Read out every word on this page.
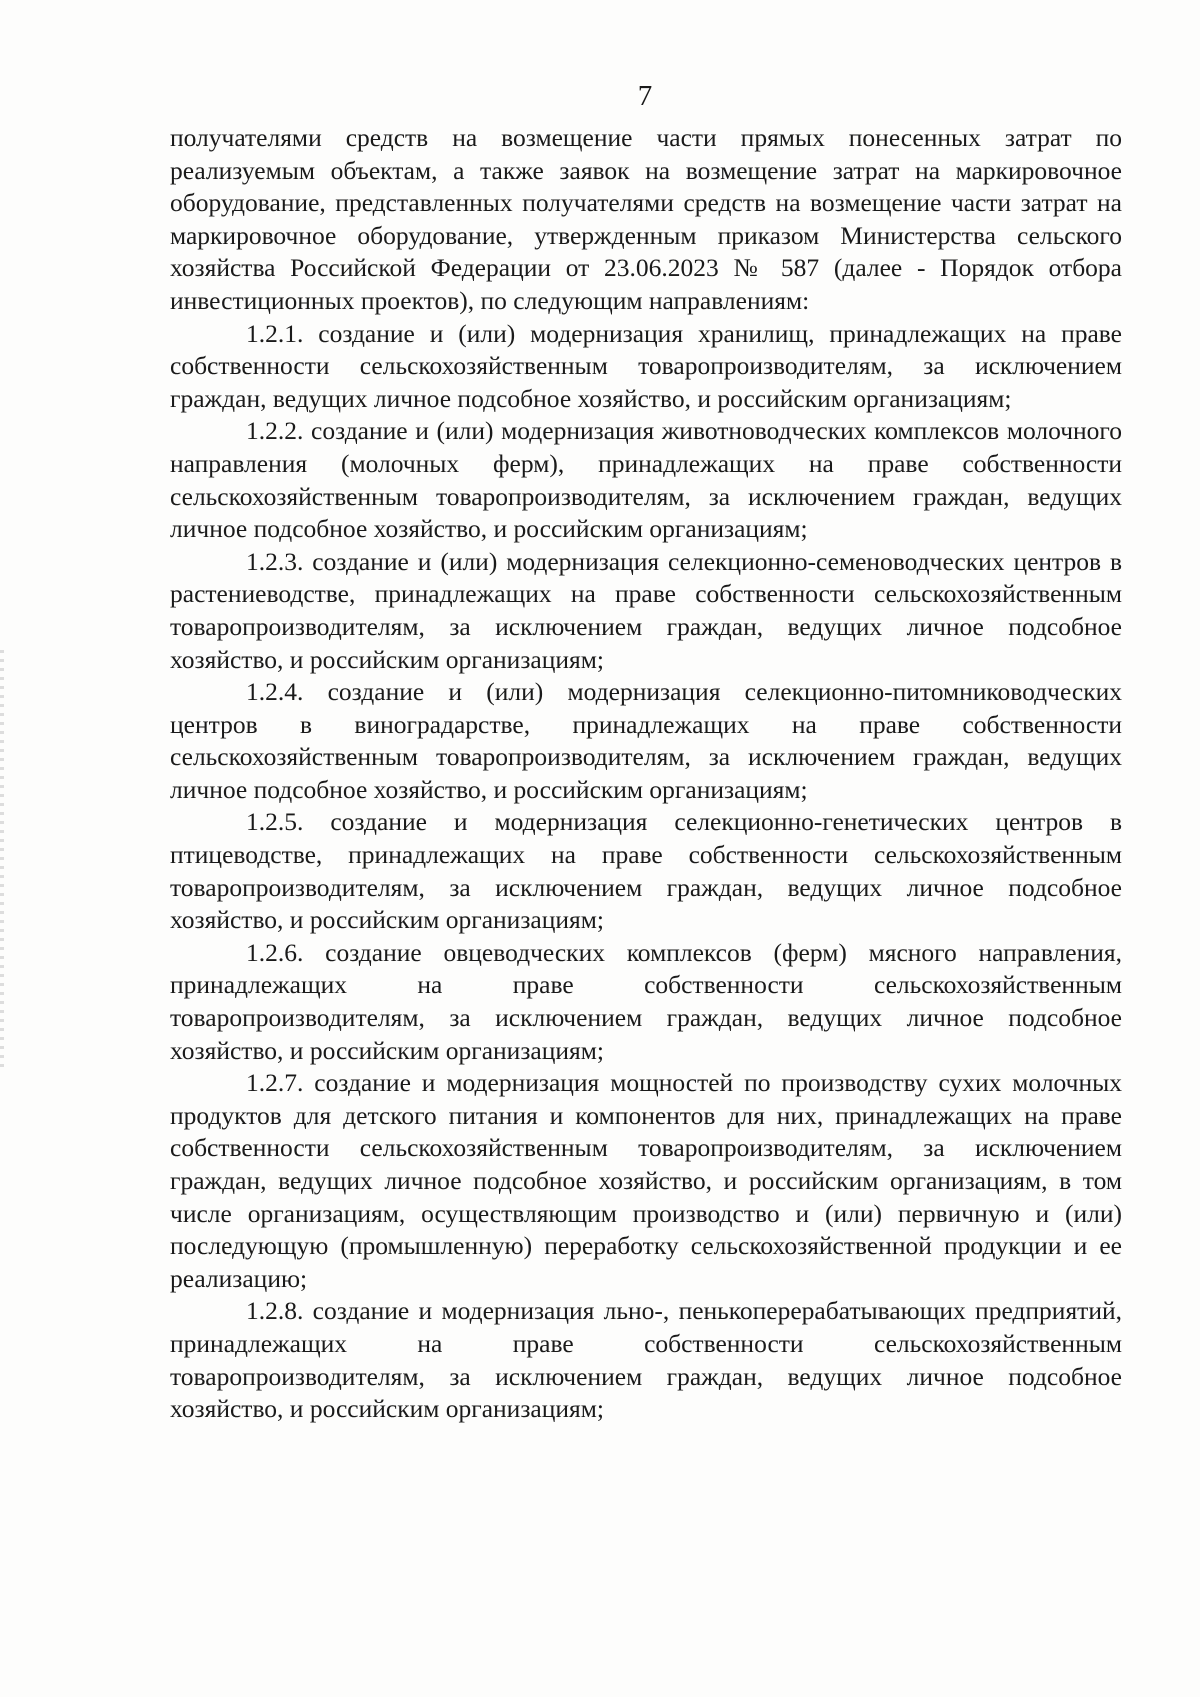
7

получателями средств на возмещение части прямых понесенных затрат по реализуемым объектам, а также заявок на возмещение затрат на маркировочное оборудование, представленных получателями средств на возмещение части затрат на маркировочное оборудование, утвержденным приказом Министерства сельского хозяйства Российской Федерации от 23.06.2023 № 587 (далее - Порядок отбора инвестиционных проектов), по следующим направлениям:

1.2.1. создание и (или) модернизация хранилищ, принадлежащих на праве собственности сельскохозяйственным товаропроизводителям, за исключением граждан, ведущих личное подсобное хозяйство, и российским организациям;

1.2.2. создание и (или) модернизация животноводческих комплексов молочного направления (молочных ферм), принадлежащих на праве собственности сельскохозяйственным товаропроизводителям, за исключением граждан, ведущих личное подсобное хозяйство, и российским организациям;

1.2.3. создание и (или) модернизация селекционно-семеноводческих центров в растениеводстве, принадлежащих на праве собственности сельскохозяйственным товаропроизводителям, за исключением граждан, ведущих личное подсобное хозяйство, и российским организациям;

1.2.4. создание и (или) модернизация селекционно-питомниководческих центров в виноградарстве, принадлежащих на праве собственности сельскохозяйственным товаропроизводителям, за исключением граждан, ведущих личное подсобное хозяйство, и российским организациям;

1.2.5. создание и модернизация селекционно-генетических центров в птицеводстве, принадлежащих на праве собственности сельскохозяйственным товаропроизводителям, за исключением граждан, ведущих личное подсобное хозяйство, и российским организациям;

1.2.6. создание овцеводческих комплексов (ферм) мясного направления, принадлежащих на праве собственности сельскохозяйственным товаропроизводителям, за исключением граждан, ведущих личное подсобное хозяйство, и российским организациям;

1.2.7. создание и модернизация мощностей по производству сухих молочных продуктов для детского питания и компонентов для них, принадлежащих на праве собственности сельскохозяйственным товаропроизводителям, за исключением граждан, ведущих личное подсобное хозяйство, и российским организациям, в том числе организациям, осуществляющим производство и (или) первичную и (или) последующую (промышленную) переработку сельскохозяйственной продукции и ее реализацию;

1.2.8. создание и модернизация льно-, пенькоперерабатывающих предприятий, принадлежащих на праве собственности сельскохозяйственным товаропроизводителям, за исключением граждан, ведущих личное подсобное хозяйство, и российским организациям;
